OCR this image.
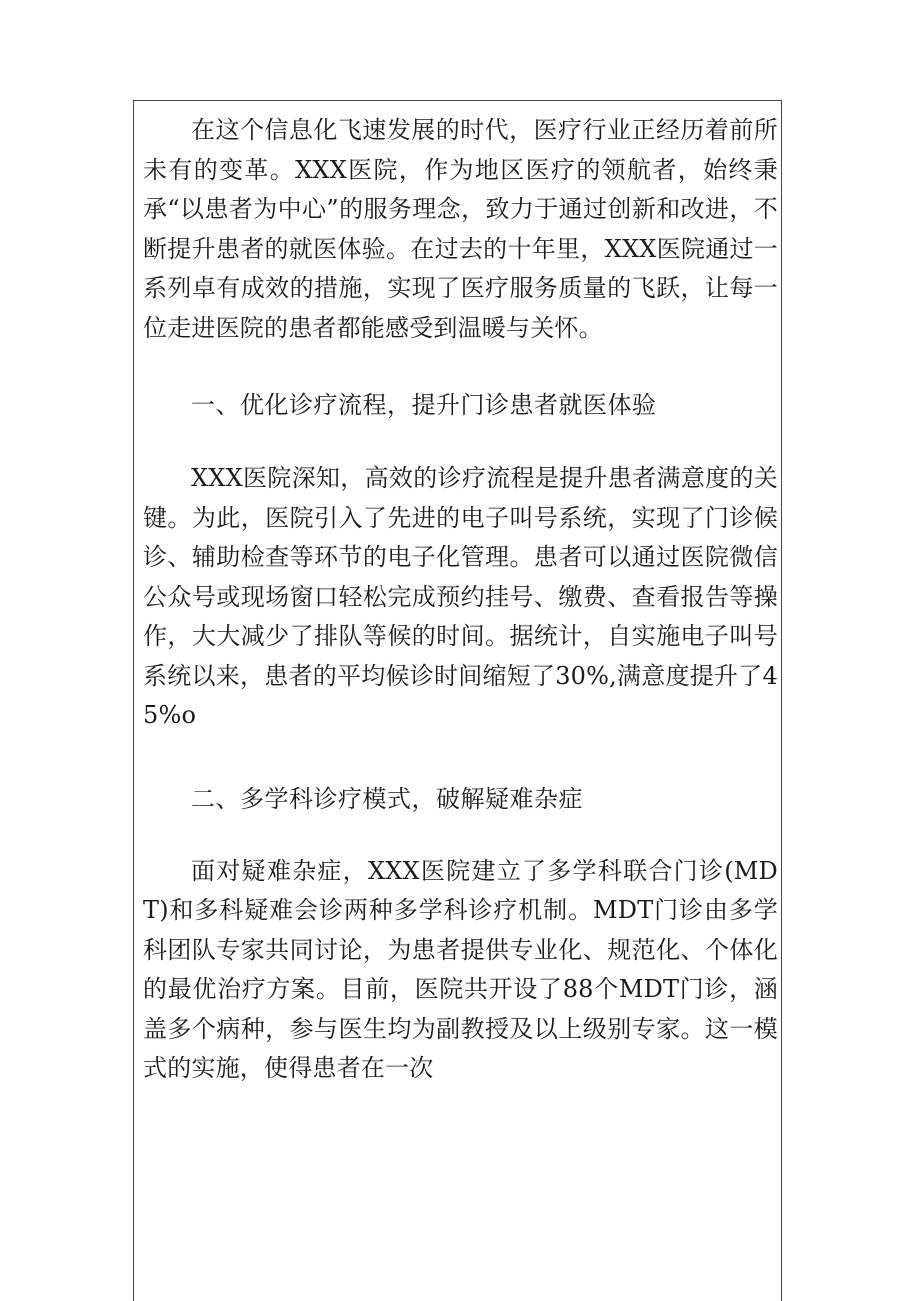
在这个信息化飞速发展的时代，医疗行业正经历着前所未有的变革。XXX医院，作为地区医疗的领航者，始终秉承“以患者为中心”的服务理念，致力于通过创新和改进，不断提升患者的就医体验。在过去的十年里，XXX医院通过一系列卓有成效的措施，实现了医疗服务质量的飞跃，让每一位走进医院的患者都能感受到温暖与关怀。

一、优化诊疗流程，提升门诊患者就医体验

XXX医院深知，高效的诊疗流程是提升患者满意度的关键。为此，医院引入了先进的电子叫号系统，实现了门诊候诊、辅助检查等环节的电子化管理。患者可以通过医院微信公众号或现场窗口轻松完成预约挂号、缴费、查看报告等操作，大大减少了排队等候的时间。据统计，自实施电子叫号系统以来，患者的平均候诊时间缩短了30%,满意度提升了45%o

二、多学科诊疗模式，破解疑难杂症

面对疑难杂症，XXX医院建立了多学科联合门诊(MDT)和多科疑难会诊两种多学科诊疗机制。MDT门诊由多学科团队专家共同讨论，为患者提供专业化、规范化、个体化的最优治疗方案。目前，医院共开设了88个MDT门诊，涵盖多个病种，参与医生均为副教授及以上级别专家。这一模式的实施，使得患者在一次
